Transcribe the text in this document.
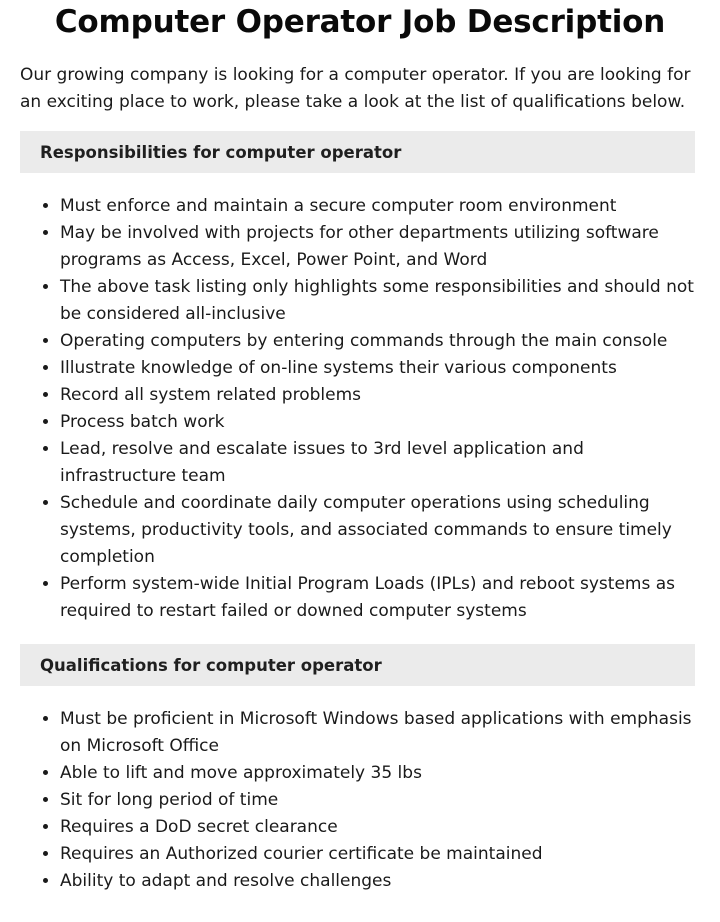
Computer Operator Job Description

Our growing company is looking for a computer operator. If you are looking for an exciting place to work, please take a look at the list of qualifications below.

Responsibilities for computer operator
• Must enforce and maintain a secure computer room environment
• May be involved with projects for other departments utilizing software programs as Access, Excel, Power Point, and Word
• The above task listing only highlights some responsibilities and should not be considered all-inclusive
• Operating computers by entering commands through the main console
• Illustrate knowledge of on-line systems their various components
• Record all system related problems
• Process batch work
• Lead, resolve and escalate issues to 3rd level application and infrastructure team
• Schedule and coordinate daily computer operations using scheduling systems, productivity tools, and associated commands to ensure timely completion
• Perform system-wide Initial Program Loads (IPLs) and reboot systems as required to restart failed or downed computer systems
Qualifications for computer operator
• Must be proficient in Microsoft Windows based applications with emphasis on Microsoft Office
• Able to lift and move approximately 35 lbs
• Sit for long period of time
• Requires a DoD secret clearance
• Requires an Authorized courier certificate be maintained
• Ability to adapt and resolve challenges
